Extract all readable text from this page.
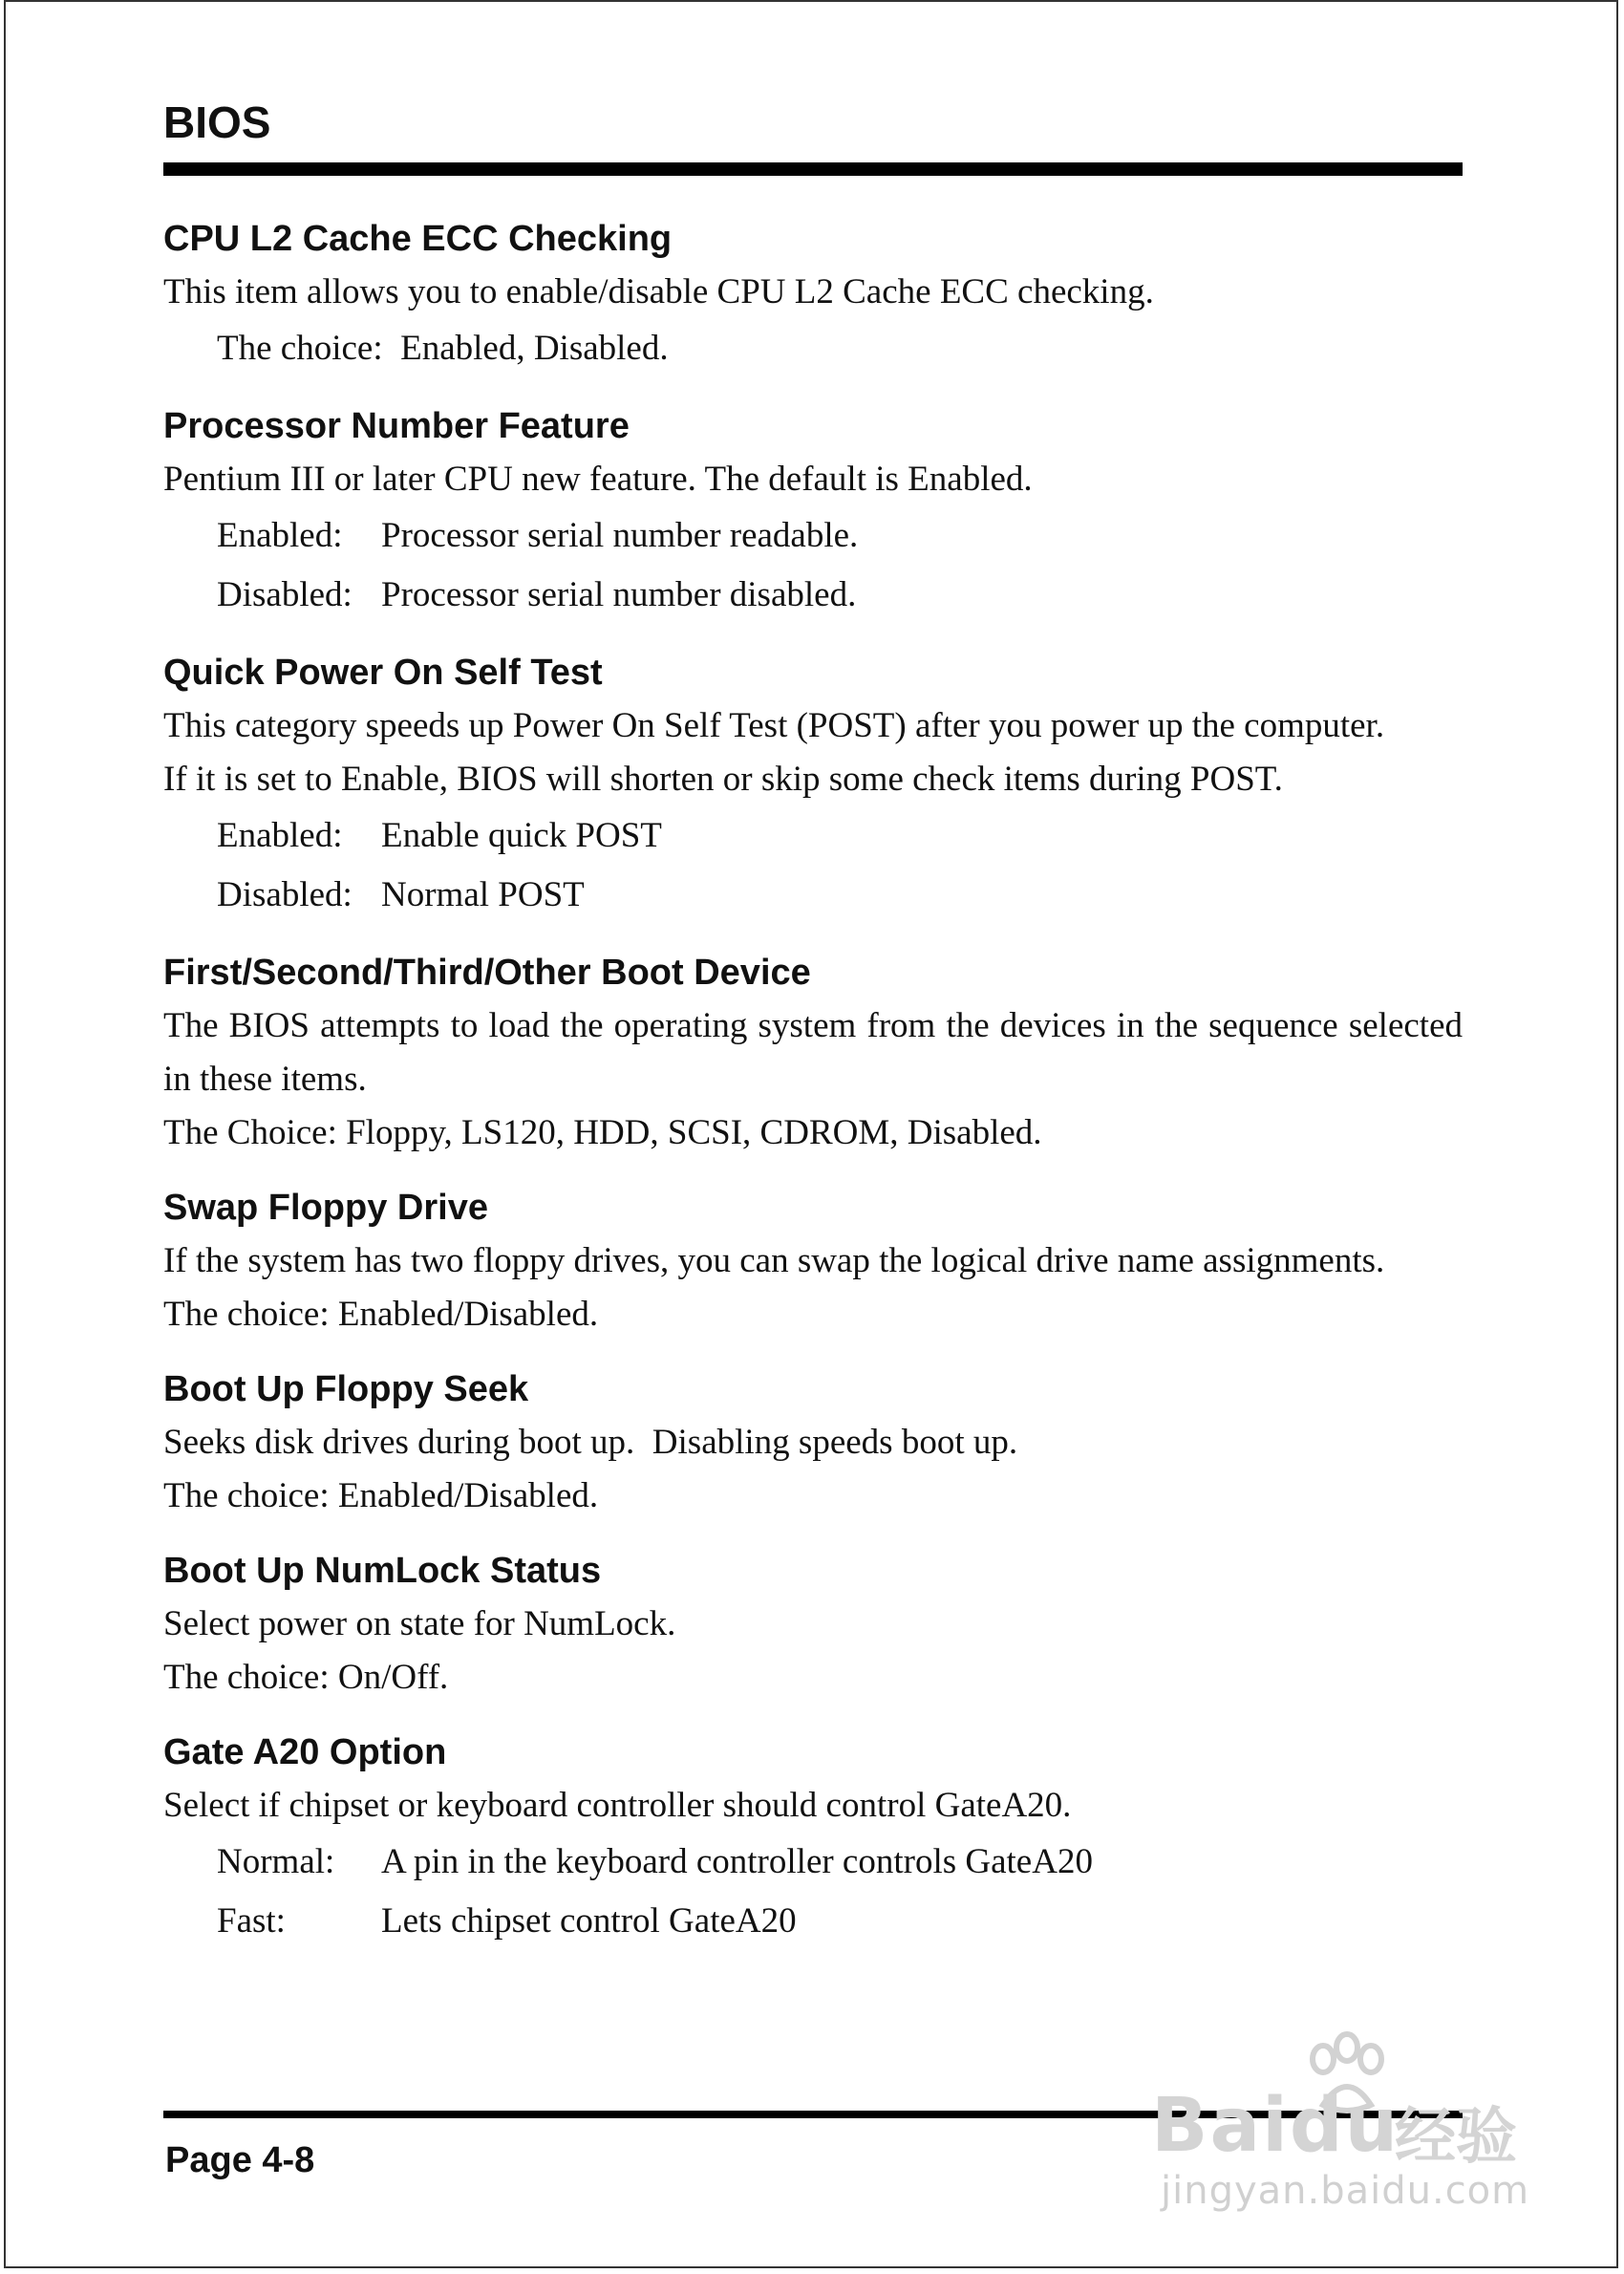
BIOS
CPU L2 Cache ECC Checking
This item allows you to enable/disable CPU L2 Cache ECC checking.
The choice:  Enabled, Disabled.
Processor Number Feature
Pentium III or later CPU new feature. The default is Enabled.
Enabled:	Processor serial number readable.
Disabled: Processor serial number disabled.
Quick Power On Self Test
This category speeds up Power On Self Test (POST) after you power up the computer.
If it is set to Enable, BIOS will shorten or skip some check items during POST.
Enabled:	Enable quick POST
Disabled: Normal POST
First/Second/Third/Other Boot Device
The BIOS attempts to load the operating system from the devices in the sequence selected in these items.
The Choice: Floppy, LS120, HDD, SCSI, CDROM, Disabled.
Swap Floppy Drive
If the system has two floppy drives, you can swap the logical drive name assignments.
The choice: Enabled/Disabled.
Boot Up Floppy Seek
Seeks disk drives during boot up.  Disabling speeds boot up.
The choice: Enabled/Disabled.
Boot Up NumLock Status
Select power on state for NumLock.
The choice: On/Off.
Gate A20 Option
Select if chipset or keyboard controller should control GateA20.
Normal:	A pin in the keyboard controller controls GateA20
Fast:	Lets chipset control GateA20
Page 4-8	Baidu
经验
jingyan.baidu.com
